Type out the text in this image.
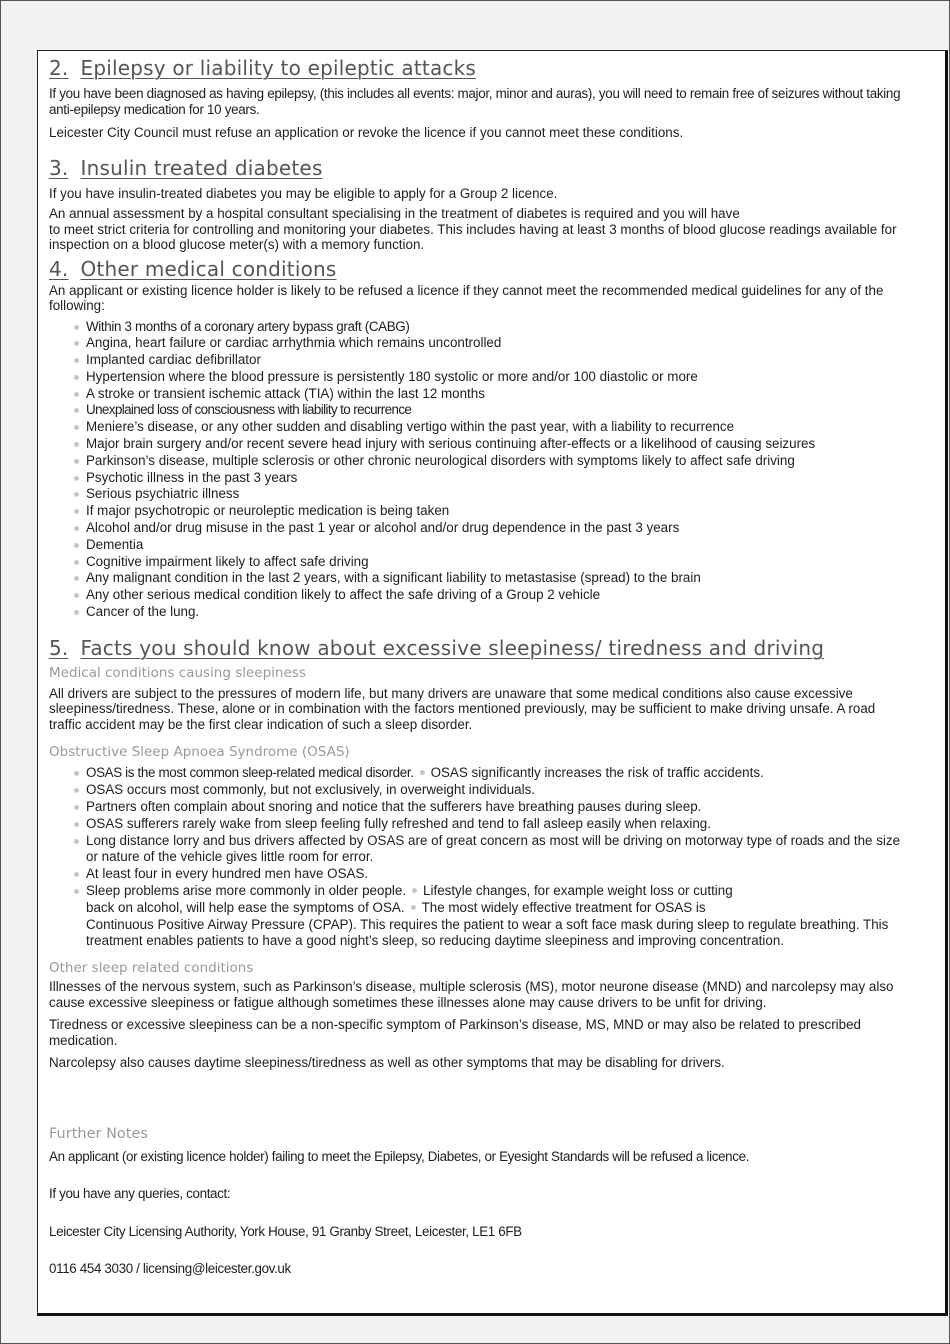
2. Epilepsy or liability to epileptic attacks

If you have been diagnosed as having epilepsy, (this includes all events: major, minor and auras), you will need to remain free of seizures without taking anti-epilepsy medication for 10 years.

Leicester City Council must refuse an application or revoke the licence if you cannot meet these conditions.

3. Insulin treated diabetes

If you have insulin-treated diabetes you may be eligible to apply for a Group 2 licence.

An annual assessment by a hospital consultant specialising in the treatment of diabetes is required and you will have
to meet strict criteria for controlling and monitoring your diabetes. This includes having at least 3 months of blood glucose readings available for inspection on a blood glucose meter(s) with a memory function.

4. Other medical conditions

An applicant or existing licence holder is likely to be refused a licence if they cannot meet the recommended medical guidelines for any of the following:

Within 3 months of a coronary artery bypass graft (CABG)
Angina, heart failure or cardiac arrhythmia which remains uncontrolled
Implanted cardiac defibrillator
Hypertension where the blood pressure is persistently 180 systolic or more and/or 100 diastolic or more
A stroke or transient ischemic attack (TIA) within the last 12 months
Unexplained loss of consciousness with liability to recurrence
Meniere’s disease, or any other sudden and disabling vertigo within the past year, with a liability to recurrence
Major brain surgery and/or recent severe head injury with serious continuing after-effects or a likelihood of causing seizures
Parkinson’s disease, multiple sclerosis or other chronic neurological disorders with symptoms likely to affect safe driving
Psychotic illness in the past 3 years
Serious psychiatric illness
If major psychotropic or neuroleptic medication is being taken
Alcohol and/or drug misuse in the past 1 year or alcohol and/or drug dependence in the past 3 years
Dementia
Cognitive impairment likely to affect safe driving
Any malignant condition in the last 2 years, with a significant liability to metastasise (spread) to the brain
Any other serious medical condition likely to affect the safe driving of a Group 2 vehicle
Cancer of the lung.
5. Facts you should know about excessive sleepiness/ tiredness and driving
Medical conditions causing sleepiness

All drivers are subject to the pressures of modern life, but many drivers are unaware that some medical conditions also cause excessive sleepiness/tiredness. These, alone or in combination with the factors mentioned previously, may be sufficient to make driving unsafe. A road traffic accident may be the first clear indication of such a sleep disorder.

Obstructive Sleep Apnoea Syndrome (OSAS)
OSAS is the most common sleep-related medical disorder. OSAS significantly increases the risk of traffic accidents.
OSAS occurs most commonly, but not exclusively, in overweight individuals.
Partners often complain about snoring and notice that the sufferers have breathing pauses during sleep.
OSAS sufferers rarely wake from sleep feeling fully refreshed and tend to fall asleep easily when relaxing.
Long distance lorry and bus drivers affected by OSAS are of great concern as most will be driving on motorway type of roads and the size or nature of the vehicle gives little room for error.
At least four in every hundred men have OSAS.
Sleep problems arise more commonly in older people. Lifestyle changes, for example weight loss or cutting
back on alcohol, will help ease the symptoms of OSA. The most widely effective treatment for OSAS is
Continuous Positive Airway Pressure (CPAP). This requires the patient to wear a soft face mask during sleep to regulate breathing. This treatment enables patients to have a good night’s sleep, so reducing daytime sleepiness and improving concentration.
Other sleep related conditions

Illnesses of the nervous system, such as Parkinson’s disease, multiple sclerosis (MS), motor neurone disease (MND) and narcolepsy may also cause excessive sleepiness or fatigue although sometimes these illnesses alone may cause drivers to be unfit for driving.

Tiredness or excessive sleepiness can be a non-specific symptom of Parkinson’s disease, MS, MND or may also be related to prescribed medication.

Narcolepsy also causes daytime sleepiness/tiredness as well as other symptoms that may be disabling for drivers.

Further Notes

An applicant (or existing licence holder) failing to meet the Epilepsy, Diabetes, or Eyesight Standards will be refused a licence.

If you have any queries, contact:

Leicester City Licensing Authority, York House, 91 Granby Street, Leicester, LE1 6FB

0116 454 3030 / licensing@leicester.gov.uk
